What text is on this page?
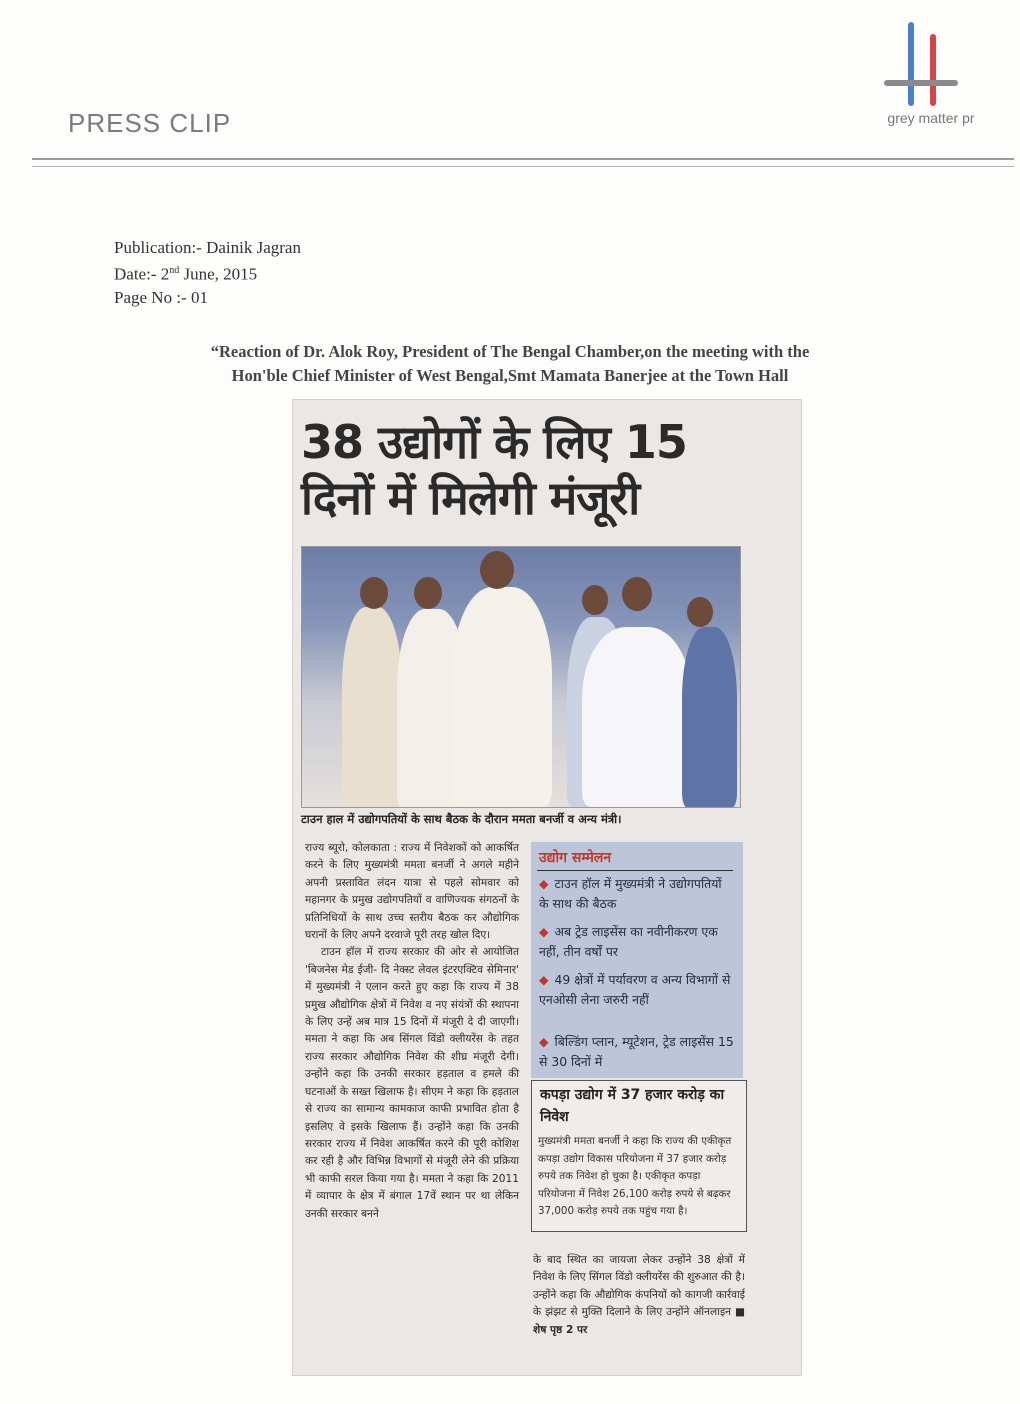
PRESS CLIP	grey matter pr
Publication:- Dainik Jagran
Date:- 2nd June, 2015
Page No :- 01
“Reaction of Dr. Alok Roy, President of The Bengal Chamber,on the meeting with the
Hon'ble Chief Minister of West Bengal,Smt Mamata Banerjee at the Town Hall
38 उद्योगों के लिए 15
दिनों में मिलेगी मंजूरी
टाउन हाल में उद्योगपतियों के साथ बैठक के दौरान ममता बनर्जी व अन्य मंत्री।

राज्य ब्यूरो, कोलकाता : राज्य में निवेशकों को आकर्षित करने के लिए मुख्यमंत्री ममता बनर्जी ने अगले महीने अपनी प्रस्तावित लंदन यात्रा से पहले सोमवार को महानगर के प्रमुख उद्योगपतियों व वाणिज्यक संगठनों के प्रतिनिधियों के साथ उच्च स्तरीय बैठक कर औद्योगिक घरानों के लिए अपने दरवाजे पूरी तरह खोल दिए।

टाउन हॉल में राज्य सरकार की ओर से आयोजित 'बिजनेस मेड ईजी- दि नेक्स्ट लेवल इंटरएक्टिव सेमिनार' में मुख्यमंत्री ने एलान करते हुए कहा कि राज्य में 38 प्रमुख औद्योगिक क्षेत्रों में निवेश व नए संयंत्रों की स्थापना के लिए उन्हें अब मात्र 15 दिनों में मंजूरी दे दी जाएगी। ममता ने कहा कि अब सिंगल विंडो क्लीयरेंस के तहत राज्य सरकार औद्योगिक निवेश की शीघ्र मंजूरी देगी। उन्होंने कहा कि उनकी सरकार हड़ताल व हमले की घटनाओं के सख्त खिलाफ है। सीएम ने कहा कि हड़ताल से राज्य का सामान्य कामकाज काफी प्रभावित होता है इसलिए वे इसके खिलाफ हैं। उन्होंने कहा कि उनकी सरकार राज्य में निवेश आकर्षित करने की पूरी कोशिश कर रही है और विभिन्न विभागों से मंजूरी लेने की प्रक्रिया भी काफी सरल किया गया है। ममता ने कहा कि 2011 में व्यापार के क्षेत्र में बंगाल 17वें स्थान पर था लेकिन उनकी सरकार बनने

उद्योग सम्मेलन
◆ टाउन हॉल में मुख्यमंत्री ने उद्योगपतियों के साथ की बैठक
◆ अब ट्रेड लाइसेंस का नवीनीकरण एक नहीं, तीन वर्षों पर
◆ 49 क्षेत्रों में पर्यावरण व अन्य विभागों से एनओसी लेना जरुरी नहीं
◆ बिल्डिंग प्लान, म्यूटेशन, ट्रेड लाइसेंस 15 से 30 दिनों में
कपड़ा उद्योग में 37 हजार करोड़ का निवेश
मुख्यमंत्री ममता बनर्जी ने कहा कि राज्य की एकीकृत कपड़ा उद्योग विकास परियोजना में 37 हजार करोड़ रुपये तक निवेश हो चुका है। एकीकृत कपड़ा परियोजना में निवेश 26,100 करोड़ रुपये से बढ़कर 37,000 करोड़ रुपये तक पहुंच गया है।
के बाद स्थित का जायजा लेकर उन्होंने 38 क्षेत्रों में निवेश के लिए सिंगल विंडो क्लीयरेंस की शुरुआत की है। उन्होंने कहा कि औद्योगिक कंपनियों को कागजी कार्रवाई के झंझट से मुक्ति दिलाने के लिए उन्होंने ऑनलाइन ■ शेष पृष्ठ 2 पर
